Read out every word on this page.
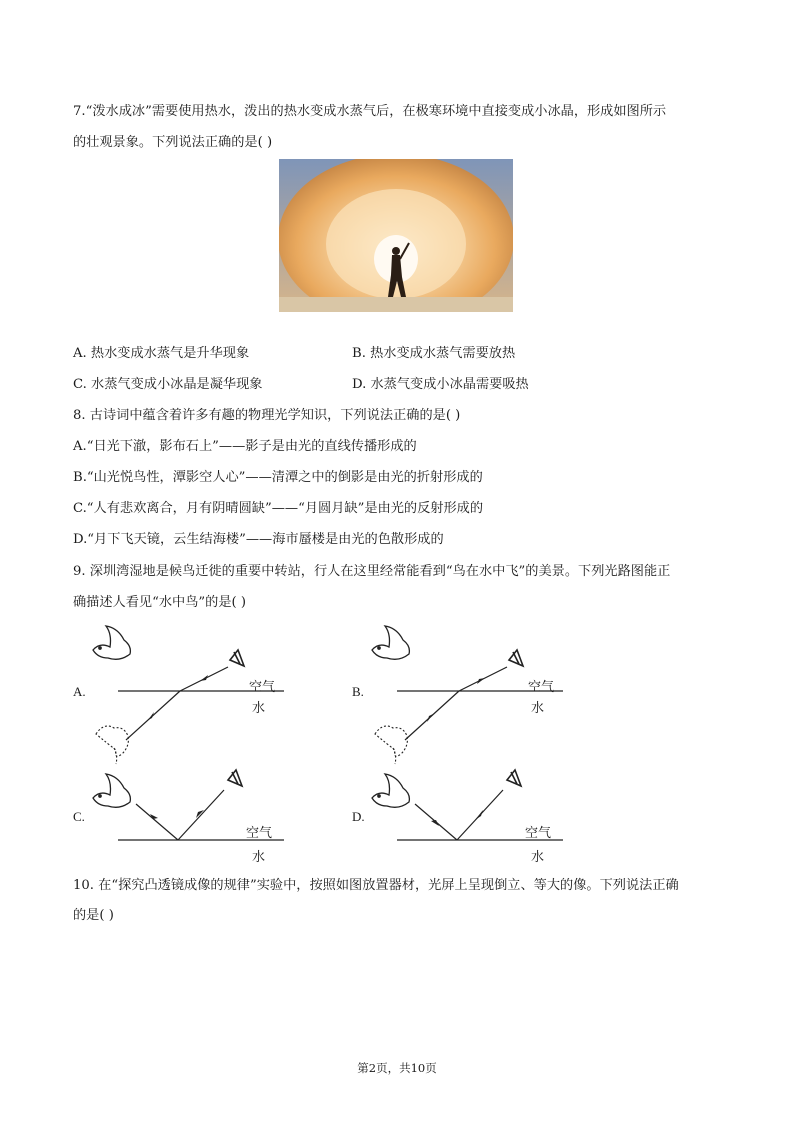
7.“泼水成冰”需要使用热水，泼出的热水变成水蒸气后，在极寒环境中直接变成小冰晶，形成如图所示
的壮观景象。下列说法正确的是( )
A. 热水变成水蒸气是升华现象	B. 热水变成水蒸气需要放热
C. 水蒸气变成小冰晶是凝华现象	D. 水蒸气变成小冰晶需要吸热
8. 古诗词中蕴含着许多有趣的物理光学知识，下列说法正确的是( )
A.“日光下澈，影布石上”——影子是由光的直线传播形成的
B.“山光悦鸟性，潭影空人心”——清潭之中的倒影是由光的折射形成的
C.“人有悲欢离合，月有阴晴圆缺”——“月圆月缺”是由光的反射形成的
D.“月下飞天镜，云生结海楼”——海市蜃楼是由光的色散形成的
9. 深圳湾湿地是候鸟迁徙的重要中转站，行人在这里经常能看到“鸟在水中飞”的美景。下列光路图能正
确描述人看见“水中鸟”的是( )
A.	空气
水
B.	空气
水
C.
空气
水
D.
空气
水
10. 在“探究凸透镜成像的规律”实验中，按照如图放置器材，光屏上呈现倒立、等大的像。下列说法正确
的是( )
第2页，共10页
